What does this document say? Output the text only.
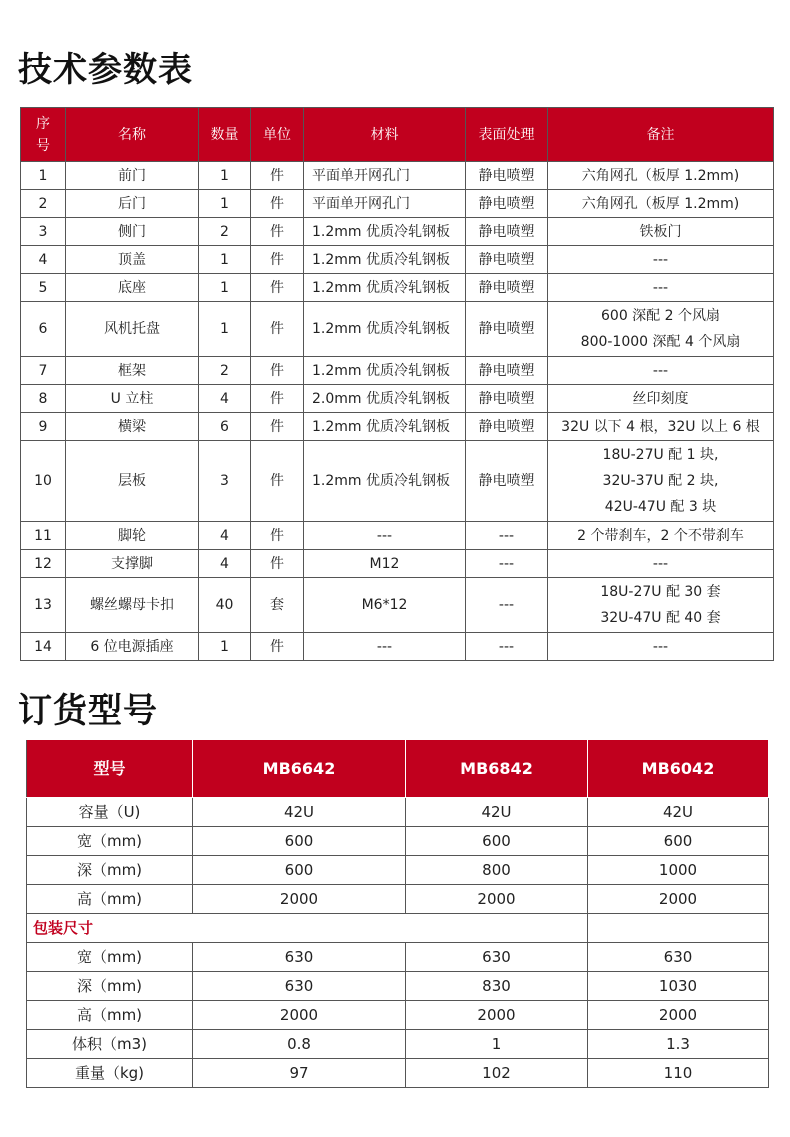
技术参数表
序号	名称	数量	单位	材料	表面处理	备注
1	前门	1	件	平面单开网孔门	静电喷塑	六角网孔（板厚 1.2mm)

2	后门	1	件	平面单开网孔门	静电喷塑	六角网孔（板厚 1.2mm)

3	侧门	2	件	1.2mm 优质冷轧钢板	静电喷塑	铁板门

4	顶盖	1	件	1.2mm 优质冷轧钢板	静电喷塑	---

5	底座	1	件	1.2mm 优质冷轧钢板	静电喷塑	---

6	风机托盘	1	件	1.2mm 优质冷轧钢板	静电喷塑	600 深配 2 个风扇
800-1000 深配 4 个风扇

7	框架	2	件	1.2mm 优质冷轧钢板	静电喷塑	---

8	U 立柱	4	件	2.0mm 优质冷轧钢板	静电喷塑	丝印刻度

9	横梁	6	件	1.2mm 优质冷轧钢板	静电喷塑	32U 以下 4 根，32U 以上 6 根

10	层板	3	件	1.2mm 优质冷轧钢板	静电喷塑	18U-27U 配 1 块,
32U-37U 配 2 块,
42U-47U 配 3 块

11	脚轮	4	件	---	---	2 个带刹车，2 个不带刹车

12	支撑脚	4	件	M12	---	---

13	螺丝螺母卡扣	40	套	M6*12	---	18U-27U 配 30 套
32U-47U 配 40 套

14	6 位电源插座	1	件	---	---	---
订货型号
型号	MB6642	MB6842	MB6042
容量（U)	42U	42U	42U
宽（mm)	600	600	600
深（mm)	600	800	1000
高（mm)	2000	2000	2000
包装尺寸			
宽（mm)	630	630	630
深（mm)	630	830	1030
高（mm)	2000	2000	2000
体积（m3)	0.8	1	1.3
重量（kg)	97	102	110
